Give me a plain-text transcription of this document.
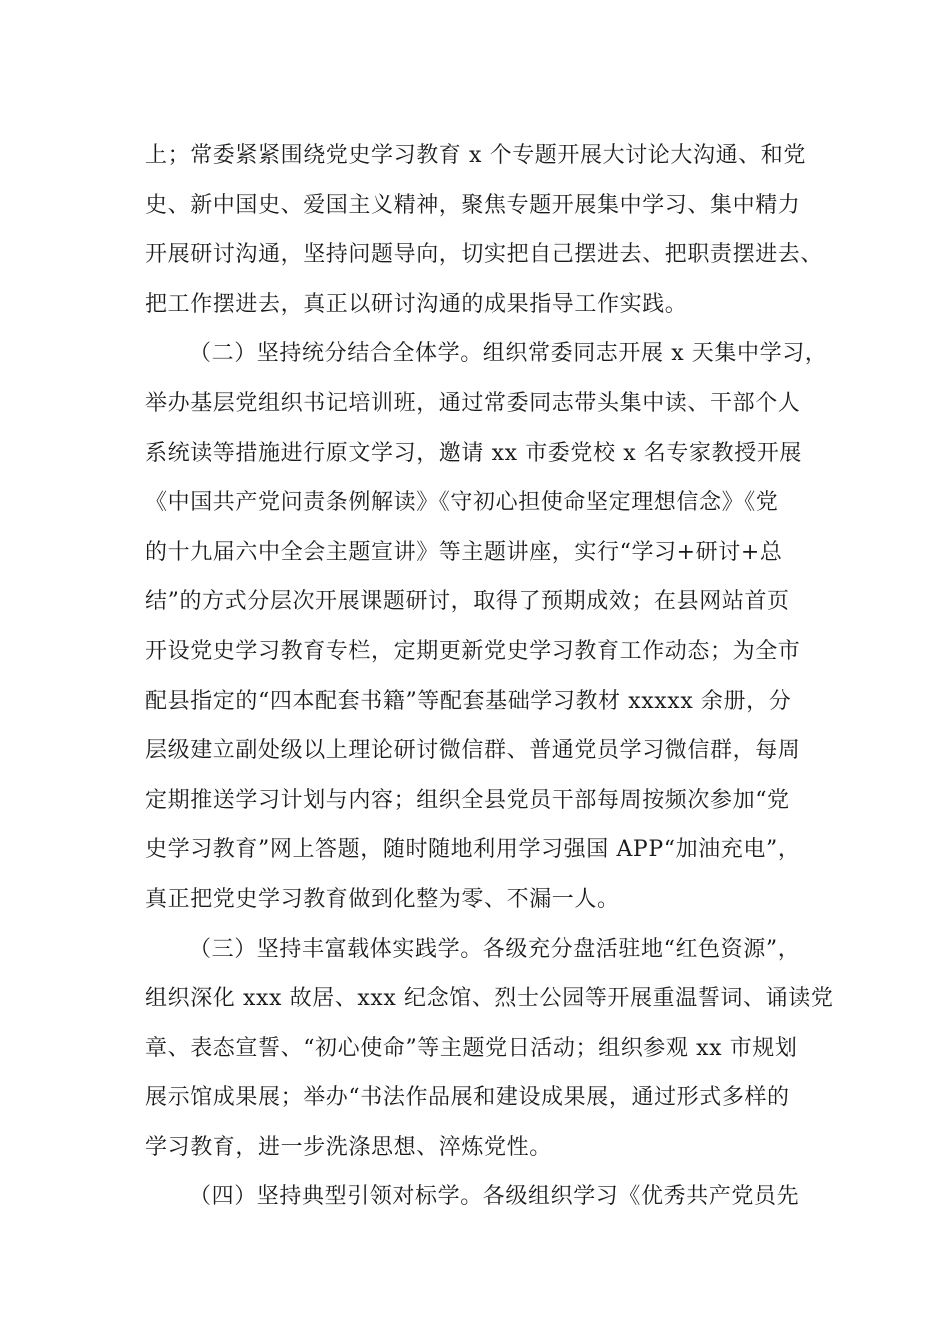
上；常委紧紧围绕党史学习教育 x 个专题开展大讨论大沟通、和党
史、新中国史、爱国主义精神，聚焦专题开展集中学习、集中精力
开展研讨沟通，坚持问题导向，切实把自己摆进去、把职责摆进去、
把工作摆进去，真正以研讨沟通的成果指导工作实践。
（二）坚持统分结合全体学。组织常委同志开展 x 天集中学习，
举办基层党组织书记培训班，通过常委同志带头集中读、干部个人
系统读等措施进行原文学习，邀请 xx 市委党校 x 名专家教授开展
《中国共产党问责条例解读》《守初心担使命坚定理想信念》《党
的十九届六中全会主题宣讲》等主题讲座，实行“学习+研讨+总
结”的方式分层次开展课题研讨，取得了预期成效；在县网站首页
开设党史学习教育专栏，定期更新党史学习教育工作动态；为全市
配县指定的“四本配套书籍”等配套基础学习教材 xxxxx 余册，分
层级建立副处级以上理论研讨微信群、普通党员学习微信群，每周
定期推送学习计划与内容；组织全县党员干部每周按频次参加“党
史学习教育”网上答题，随时随地利用学习强国 APP“加油充电”，
真正把党史学习教育做到化整为零、不漏一人。
（三）坚持丰富载体实践学。各级充分盘活驻地“红色资源”，
组织深化 xxx 故居、xxx 纪念馆、烈士公园等开展重温誓词、诵读党
章、表态宣誓、“初心使命”等主题党日活动；组织参观 xx 市规划
展示馆成果展；举办“书法作品展和建设成果展，通过形式多样的
学习教育，进一步洗涤思想、淬炼党性。
（四）坚持典型引领对标学。各级组织学习《优秀共产党员先
